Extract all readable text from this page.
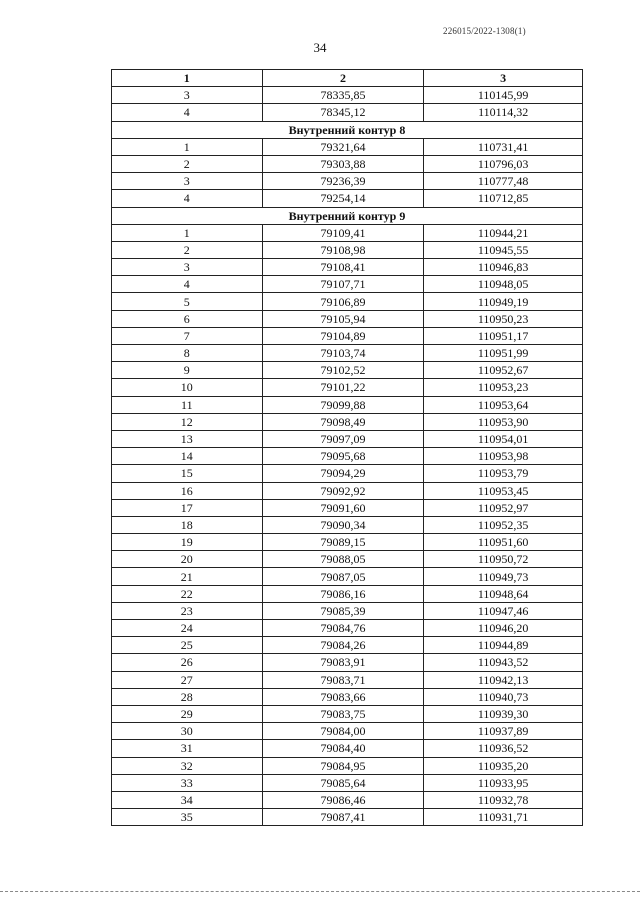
226015/2022-1308(1)
34
1	2	3
3	78335,85	110145,99
4	78345,12	110114,32
Внутренний контур 8		
1	79321,64	110731,41
2	79303,88	110796,03
3	79236,39	110777,48
4	79254,14	110712,85
Внутренний контур 9		
1	79109,41	110944,21
2	79108,98	110945,55
3	79108,41	110946,83
4	79107,71	110948,05
5	79106,89	110949,19
6	79105,94	110950,23
7	79104,89	110951,17
8	79103,74	110951,99
9	79102,52	110952,67
10	79101,22	110953,23
11	79099,88	110953,64
12	79098,49	110953,90
13	79097,09	110954,01
14	79095,68	110953,98
15	79094,29	110953,79
16	79092,92	110953,45
17	79091,60	110952,97
18	79090,34	110952,35
19	79089,15	110951,60
20	79088,05	110950,72
21	79087,05	110949,73
22	79086,16	110948,64
23	79085,39	110947,46
24	79084,76	110946,20
25	79084,26	110944,89
26	79083,91	110943,52
27	79083,71	110942,13
28	79083,66	110940,73
29	79083,75	110939,30
30	79084,00	110937,89
31	79084,40	110936,52
32	79084,95	110935,20
33	79085,64	110933,95
34	79086,46	110932,78
35	79087,41	110931,71
